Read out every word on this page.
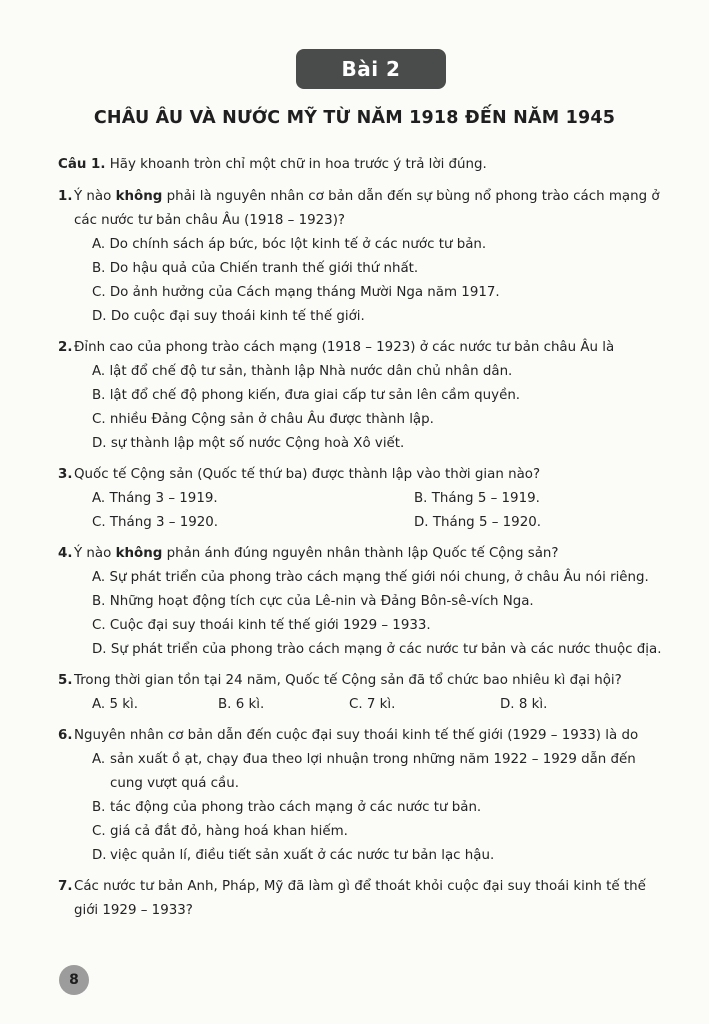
Bài 2
CHÂU ÂU VÀ NƯỚC MỸ TỪ NĂM 1918 ĐẾN NĂM 1945
Câu 1. Hãy khoanh tròn chỉ một chữ in hoa trước ý trả lời đúng.
1. Ý nào không phải là nguyên nhân cơ bản dẫn đến sự bùng nổ phong trào cách mạng ở các nước tư bản châu Âu (1918 – 1923)?
A. Do chính sách áp bức, bóc lột kinh tế ở các nước tư bản.
B. Do hậu quả của Chiến tranh thế giới thứ nhất.
C. Do ảnh hưởng của Cách mạng tháng Mười Nga năm 1917.
D. Do cuộc đại suy thoái kinh tế thế giới.
2. Đỉnh cao của phong trào cách mạng (1918 – 1923) ở các nước tư bản châu Âu là
A. lật đổ chế độ tư sản, thành lập Nhà nước dân chủ nhân dân.
B. lật đổ chế độ phong kiến, đưa giai cấp tư sản lên cầm quyền.
C. nhiều Đảng Cộng sản ở châu Âu được thành lập.
D. sự thành lập một số nước Cộng hoà Xô viết.
3. Quốc tế Cộng sản (Quốc tế thứ ba) được thành lập vào thời gian nào?
A. Tháng 3 – 1919.	B. Tháng 5 – 1919.
C. Tháng 3 – 1920.	D. Tháng 5 – 1920.
4. Ý nào không phản ánh đúng nguyên nhân thành lập Quốc tế Cộng sản?
A. Sự phát triển của phong trào cách mạng thế giới nói chung, ở châu Âu nói riêng.
B. Những hoạt động tích cực của Lê-nin và Đảng Bôn-sê-vích Nga.
C. Cuộc đại suy thoái kinh tế thế giới 1929 – 1933.
D. Sự phát triển của phong trào cách mạng ở các nước tư bản và các nước thuộc địa.
5. Trong thời gian tồn tại 24 năm, Quốc tế Cộng sản đã tổ chức bao nhiêu kì đại hội?
A. 5 kì.	B. 6 kì.	C. 7 kì.	D. 8 kì.
6. Nguyên nhân cơ bản dẫn đến cuộc đại suy thoái kinh tế thế giới (1929 – 1933) là do
A. sản xuất ồ ạt, chạy đua theo lợi nhuận trong những năm 1922 – 1929 dẫn đến cung vượt quá cầu.
B. tác động của phong trào cách mạng ở các nước tư bản.
C. giá cả đắt đỏ, hàng hoá khan hiếm.
D. việc quản lí, điều tiết sản xuất ở các nước tư bản lạc hậu.
7. Các nước tư bản Anh, Pháp, Mỹ đã làm gì để thoát khỏi cuộc đại suy thoái kinh tế thế giới 1929 – 1933?
8
